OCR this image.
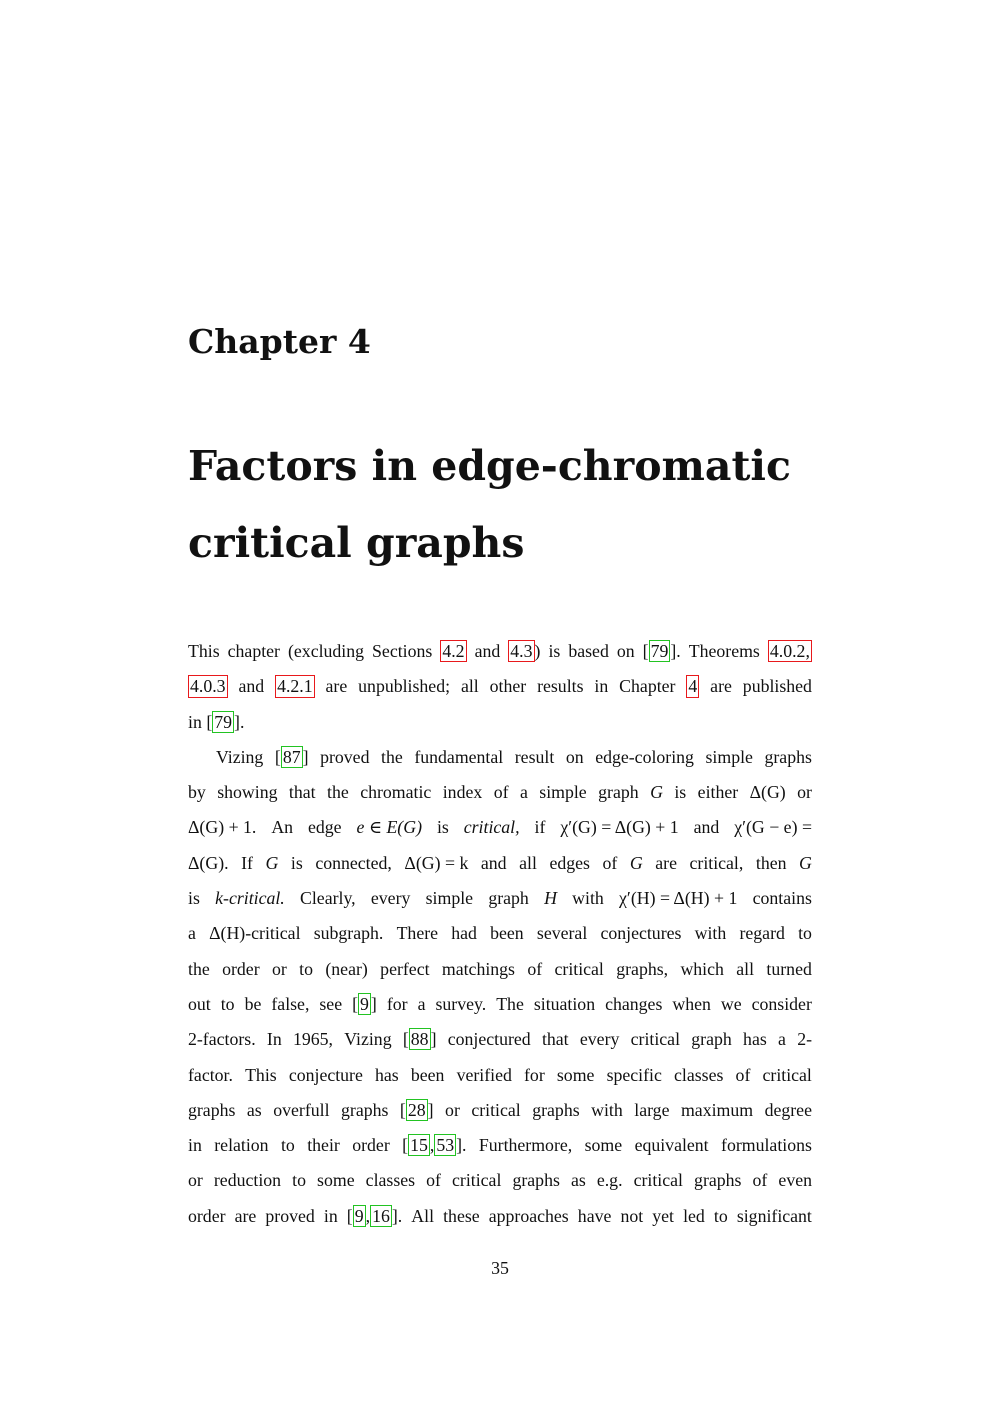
Chapter 4
Factors in edge-chromatic
critical graphs
This chapter (excluding Sections 4.2 and 4.3 ) is based on [ 79 ]. Theorems 4.0.2,
4.0.3 and 4.2.1 are unpublished; all other results in Chapter 4 are published
in [ 79 ].
Vizing [ 87 ] proved the fundamental result on edge-coloring simple graphs
by showing that the chromatic index of a simple graph G is either Δ(G) or
Δ(G) + 1. An edge e ∈ E(G) is critical, if χ′(G) = Δ(G) + 1 and χ′(G − e) =
Δ(G). If G is connected, Δ(G) = k and all edges of G are critical, then G
is k-critical. Clearly, every simple graph H with χ′(H) = Δ(H) + 1 contains
a Δ(H)-critical subgraph. There had been several conjectures with regard to
the order or to (near) perfect matchings of critical graphs, which all turned
out to be false, see [ 9 ] for a survey. The situation changes when we consider
2-factors. In 1965, Vizing [ 88 ] conjectured that every critical graph has a 2-
factor. This conjecture has been verified for some specific classes of critical
graphs as overfull graphs [ 28 ] or critical graphs with large maximum degree
in relation to their order [ 15 , 53 ]. Furthermore, some equivalent formulations
or reduction to some classes of critical graphs as e.g. critical graphs of even
order are proved in [ 9 , 16 ]. All these approaches have not yet led to significant
35
